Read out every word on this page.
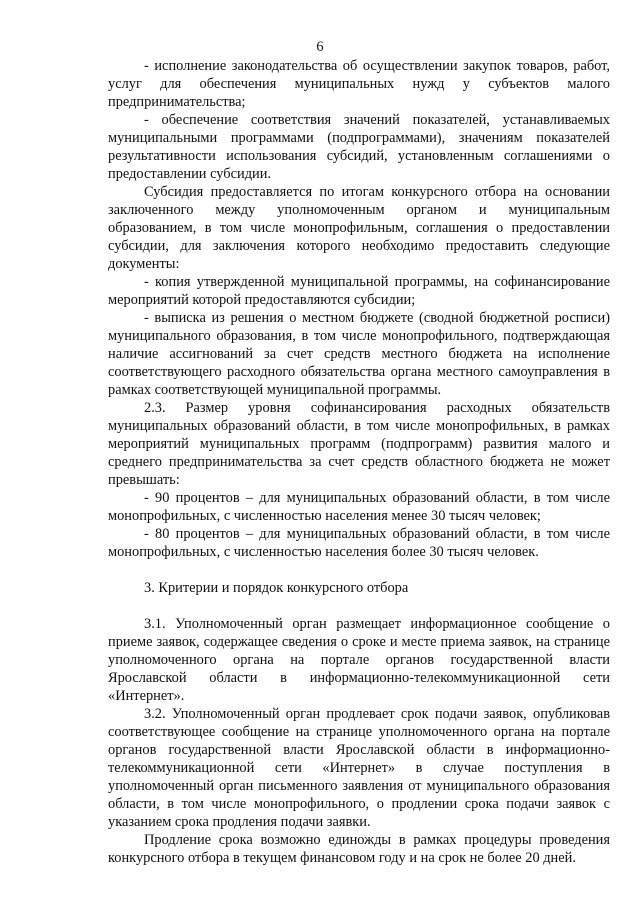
6

- исполнение законодательства об осуществлении закупок товаров, работ, услуг для обеспечения муниципальных нужд у субъектов малого предпринимательства;

- обеспечение соответствия значений показателей, устанавливаемых муниципальными программами (подпрограммами), значениям показателей результативности использования субсидий, установленным соглашениями о предоставлении субсидии.

Субсидия предоставляется по итогам конкурсного отбора на основании заключенного между уполномоченным органом и муниципальным образованием, в том числе монопрофильным, соглашения о предоставлении субсидии, для заключения которого необходимо предоставить следующие документы:

- копия утвержденной муниципальной программы, на софинансирование мероприятий которой предоставляются субсидии;

- выписка из решения о местном бюджете (сводной бюджетной росписи) муниципального образования, в том числе монопрофильного, подтверждающая наличие ассигнований за счет средств местного бюджета на исполнение соответствующего расходного обязательства органа местного самоуправления в рамках соответствующей муниципальной программы.

2.3. Размер уровня софинансирования расходных обязательств муниципальных образований области, в том числе монопрофильных, в рамках мероприятий муниципальных программ (подпрограмм) развития малого и среднего предпринимательства за счет средств областного бюджета не может превышать:

- 90 процентов – для муниципальных образований области, в том числе монопрофильных, с численностью населения менее 30 тысяч человек;

- 80 процентов – для муниципальных образований области, в том числе монопрофильных, с численностью населения более 30 тысяч человек.

3. Критерии и порядок конкурсного отбора

3.1. Уполномоченный орган размещает информационное сообщение о приеме заявок, содержащее сведения о сроке и месте приема заявок, на странице уполномоченного органа на портале органов государственной власти Ярославской области в информационно-телекоммуникационной сети «Интернет».

3.2. Уполномоченный орган продлевает срок подачи заявок, опубликовав соответствующее сообщение на странице уполномоченного органа на портале органов государственной власти Ярославской области в информационно-телекоммуникационной сети «Интернет» в случае поступления в уполномоченный орган письменного заявления от муниципального образования области, в том числе монопрофильного, о продлении срока подачи заявок с указанием срока продления подачи заявки.

Продление срока возможно единожды в рамках процедуры проведения конкурсного отбора в текущем финансовом году и на срок не более 20 дней.
